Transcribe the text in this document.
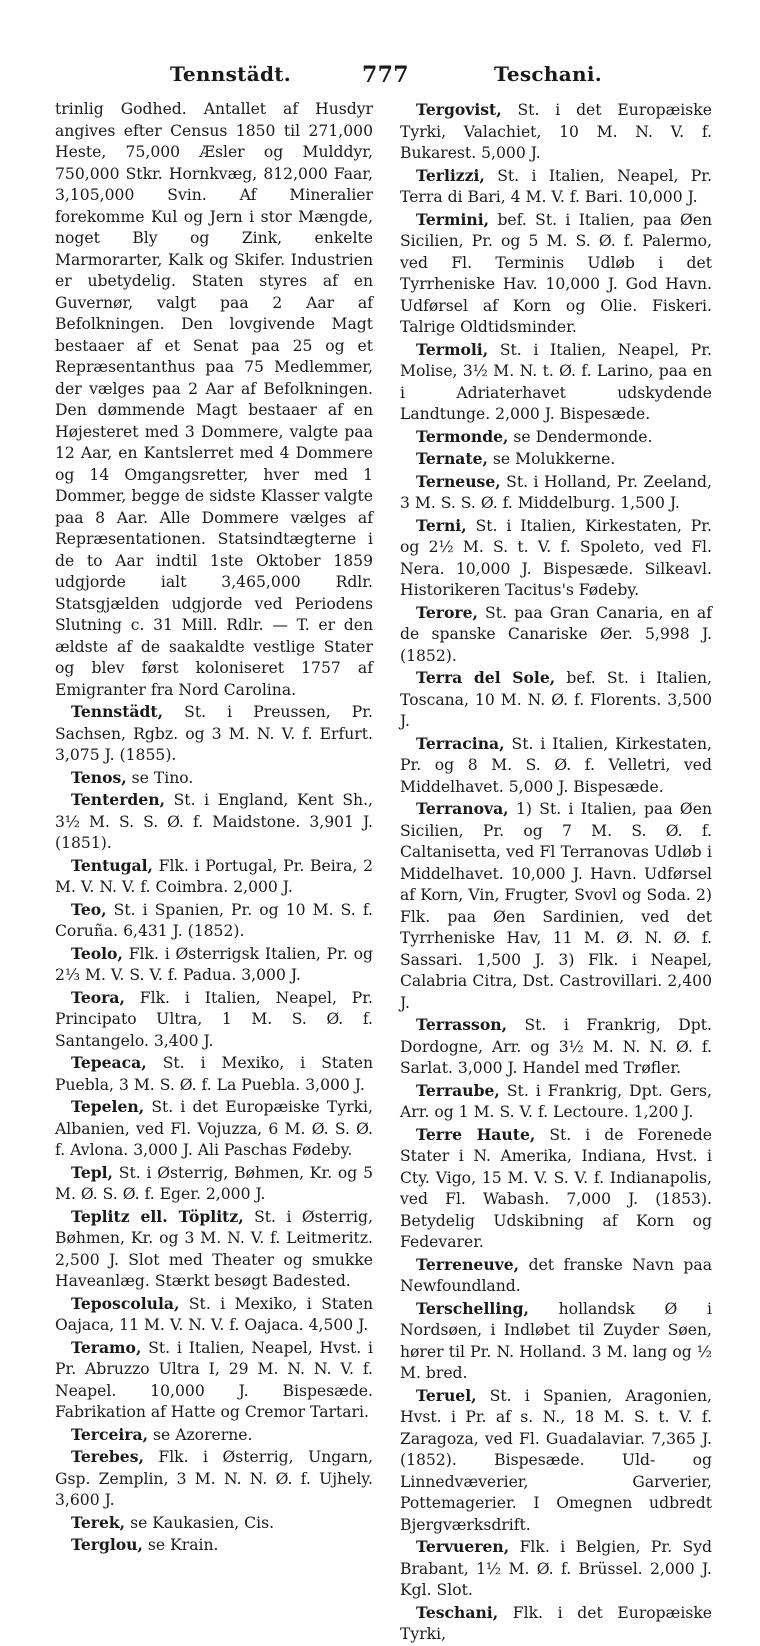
Tennstädt.	777	Teschani.

trinlig Godhed. Antallet af Husdyr angives efter Census 1850 til 271,000 Heste, 75,000 Æsler og Mulddyr, 750,000 Stkr. Hornkvæg, 812,000 Faar, 3,105,000 Svin. Af Mineralier forekomme Kul og Jern i stor Mængde, noget Bly og Zink, enkelte Marmorarter, Kalk og Skifer. Industrien er ubetydelig. Staten styres af en Guvernør, valgt paa 2 Aar af Befolkningen. Den lovgivende Magt bestaaer af et Senat paa 25 og et Repræsentanthus paa 75 Medlemmer, der vælges paa 2 Aar af Befolkningen. Den dømmende Magt bestaaer af en Højesteret med 3 Dommere, valgte paa 12 Aar, en Kantslerret med 4 Dommere og 14 Omgangsretter, hver med 1 Dommer, begge de sidste Klasser valgte paa 8 Aar. Alle Dommere vælges af Repræsentationen. Statsindtægterne i de to Aar indtil 1ste Oktober 1859 udgjorde ialt 3,465,000 Rdlr. Statsgjælden udgjorde ved Periodens Slutning c. 31 Mill. Rdlr. — T. er den ældste af de saakaldte vestlige Stater og blev først koloniseret 1757 af Emigranter fra Nord Carolina.

Tennstädt, St. i Preussen, Pr. Sachsen, Rgbz. og 3 M. N. V. f. Erfurt. 3,075 J. (1855).

Tenos, se Tino.

Tenterden, St. i England, Kent Sh., 3½ M. S. S. Ø. f. Maidstone. 3,901 J. (1851).

Tentugal, Flk. i Portugal, Pr. Beira, 2 M. V. N. V. f. Coimbra. 2,000 J.

Teo, St. i Spanien, Pr. og 10 M. S. f. Coruña. 6,431 J. (1852).

Teolo, Flk. i Østerrigsk Italien, Pr. og 2⅓ M. V. S. V. f. Padua. 3,000 J.

Teora, Flk. i Italien, Neapel, Pr. Principato Ultra, 1 M. S. Ø. f. Santangelo. 3,400 J.

Tepeaca, St. i Mexiko, i Staten Puebla, 3 M. S. Ø. f. La Puebla. 3,000 J.

Tepelen, St. i det Europæiske Tyrki, Albanien, ved Fl. Vojuzza, 6 M. Ø. S. Ø. f. Avlona. 3,000 J. Ali Paschas Fødeby.

Tepl, St. i Østerrig, Bøhmen, Kr. og 5 M. Ø. S. Ø. f. Eger. 2,000 J.

Teplitz ell. Töplitz, St. i Østerrig, Bøhmen, Kr. og 3 M. N. V. f. Leitmeritz. 2,500 J. Slot med Theater og smukke Haveanlæg. Stærkt besøgt Badested.

Teposcolula, St. i Mexiko, i Staten Oajaca, 11 M. V. N. V. f. Oajaca. 4,500 J.

Teramo, St. i Italien, Neapel, Hvst. i Pr. Abruzzo Ultra I, 29 M. N. N. V. f. Neapel. 10,000 J. Bispesæde. Fabrikation af Hatte og Cremor Tartari.

Terceira, se Azorerne.

Terebes, Flk. i Østerrig, Ungarn, Gsp. Zemplin, 3 M. N. N. Ø. f. Ujhely. 3,600 J.

Terek, se Kaukasien, Cis.

Terglou, se Krain.

Tergovist, St. i det Europæiske Tyrki, Valachiet, 10 M. N. V. f. Bukarest. 5,000 J.

Terlizzi, St. i Italien, Neapel, Pr. Terra di Bari, 4 M. V. f. Bari. 10,000 J.

Termini, bef. St. i Italien, paa Øen Sicilien, Pr. og 5 M. S. Ø. f. Palermo, ved Fl. Terminis Udløb i det Tyrrheniske Hav. 10,000 J. God Havn. Udførsel af Korn og Olie. Fiskeri. Talrige Oldtidsminder.

Termoli, St. i Italien, Neapel, Pr. Molise, 3½ M. N. t. Ø. f. Larino, paa en i Adriaterhavet udskydende Landtunge. 2,000 J. Bispesæde.

Termonde, se Dendermonde.

Ternate, se Molukkerne.

Terneuse, St. i Holland, Pr. Zeeland, 3 M. S. S. Ø. f. Middelburg. 1,500 J.

Terni, St. i Italien, Kirkestaten, Pr. og 2½ M. S. t. V. f. Spoleto, ved Fl. Nera. 10,000 J. Bispesæde. Silkeavl. Historikeren Tacitus's Fødeby.

Terore, St. paa Gran Canaria, en af de spanske Canariske Øer. 5,998 J. (1852).

Terra del Sole, bef. St. i Italien, Toscana, 10 M. N. Ø. f. Florents. 3,500 J.

Terracina, St. i Italien, Kirkestaten, Pr. og 8 M. S. Ø. f. Velletri, ved Middelhavet. 5,000 J. Bispesæde.

Terranova, 1) St. i Italien, paa Øen Sicilien, Pr. og 7 M. S. Ø. f. Caltanisetta, ved Fl Terranovas Udløb i Middelhavet. 10,000 J. Havn. Udførsel af Korn, Vin, Frugter, Svovl og Soda. 2) Flk. paa Øen Sardinien, ved det Tyrrheniske Hav, 11 M. Ø. N. Ø. f. Sassari. 1,500 J. 3) Flk. i Neapel, Calabria Citra, Dst. Castrovillari. 2,400 J.

Terrasson, St. i Frankrig, Dpt. Dordogne, Arr. og 3½ M. N. N. Ø. f. Sarlat. 3,000 J. Handel med Trøfler.

Terraube, St. i Frankrig, Dpt. Gers, Arr. og 1 M. S. V. f. Lectoure. 1,200 J.

Terre Haute, St. i de Forenede Stater i N. Amerika, Indiana, Hvst. i Cty. Vigo, 15 M. V. S. V. f. Indianapolis, ved Fl. Wabash. 7,000 J. (1853). Betydelig Udskibning af Korn og Fedevarer.

Terreneuve, det franske Navn paa Newfoundland.

Terschelling, hollandsk Ø i Nordsøen, i Indløbet til Zuyder Søen, hører til Pr. N. Holland. 3 M. lang og ½ M. bred.

Teruel, St. i Spanien, Aragonien, Hvst. i Pr. af s. N., 18 M. S. t. V. f. Zaragoza, ved Fl. Guadalaviar. 7,365 J. (1852). Bispesæde. Uld- og Linnedvæverier, Garverier, Pottemagerier. I Omegnen udbredt Bjergværksdrift.

Tervueren, Flk. i Belgien, Pr. Syd Brabant, 1½ M. Ø. f. Brüssel. 2,000 J. Kgl. Slot.

Teschani, Flk. i det Europæiske Tyrki,
